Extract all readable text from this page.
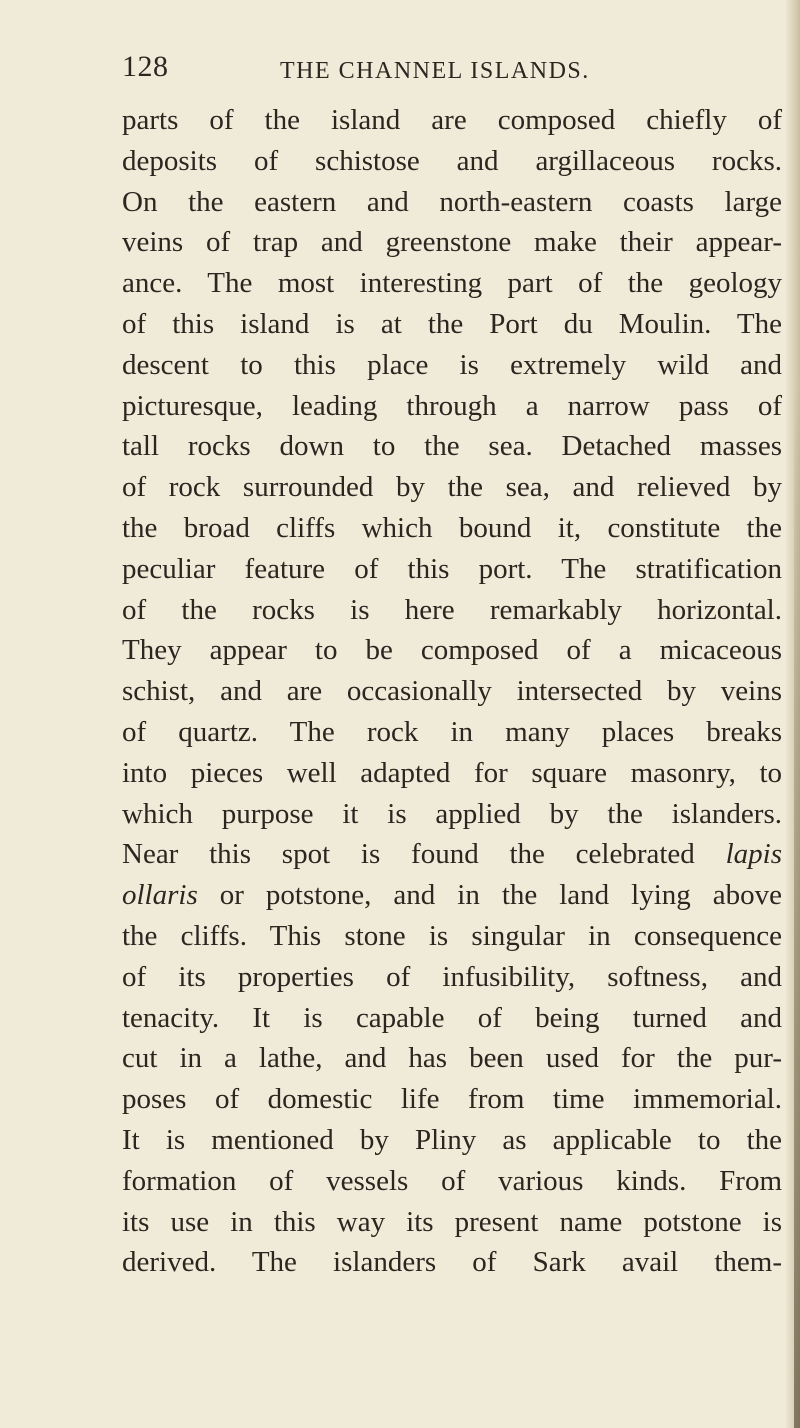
128	THE CHANNEL ISLANDS.
parts of the island are composed chiefly of
deposits of schistose and argillaceous rocks.
On the eastern and north-eastern coasts large
veins of trap and greenstone make their appear-
ance. The most interesting part of the geology
of this island is at the Port du Moulin. The
descent to this place is extremely wild and
picturesque, leading through a narrow pass of
tall rocks down to the sea. Detached masses
of rock surrounded by the sea, and relieved by
the broad cliffs which bound it, constitute the
peculiar feature of this port. The stratification
of the rocks is here remarkably horizontal.
They appear to be composed of a micaceous
schist, and are occasionally intersected by veins
of quartz. The rock in many places breaks
into pieces well adapted for square masonry, to
which purpose it is applied by the islanders.
Near this spot is found the celebrated lapis
ollaris or potstone, and in the land lying above
the cliffs. This stone is singular in consequence
of its properties of infusibility, softness, and
tenacity. It is capable of being turned and
cut in a lathe, and has been used for the pur-
poses of domestic life from time immemorial.
It is mentioned by Pliny as applicable to the
formation of vessels of various kinds. From
its use in this way its present name potstone is
derived. The islanders of Sark avail them-
